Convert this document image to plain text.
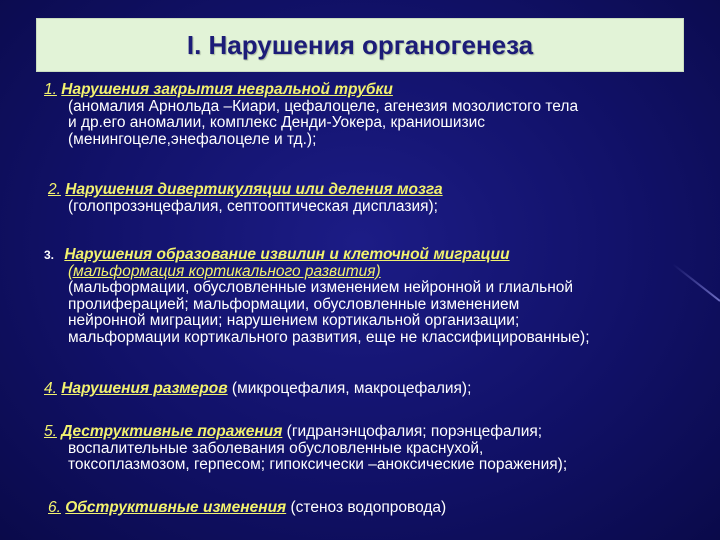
I. Нарушения органогенеза
1. Нарушения закрытия невральной трубки
(аномалия Арнольда –Киари, цефалоцеле, агенезия мозолистого тела
и др.его аномалии, комплекс Денди-Уокера, краниошизис
(менингоцеле,энефалоцеле и тд.);
2. Нарушения дивертикуляции или деления мозга
(голопрозэнцефалия, септооптическая дисплазия);
3. Нарушения образование извилин и клеточной миграции
(мальформация кортикального развития)
(мальформации, обусловленные изменением нейронной и глиальной
пролиферацией; мальформации, обусловленные изменением
нейронной миграции; нарушением кортикальной организации;
мальформации кортикального развития, еще не классифицированные);
4. Нарушения размеров (микроцефалия, макроцефалия);
5. Деструктивные поражения (гидранэнцофалия; порэнцефалия;
воспалительные заболевания обусловленные краснухой,
токсоплазмозом, герпесом; гипоксически –аноксические поражения);
6. Обструктивные изменения (стеноз водопровода)
